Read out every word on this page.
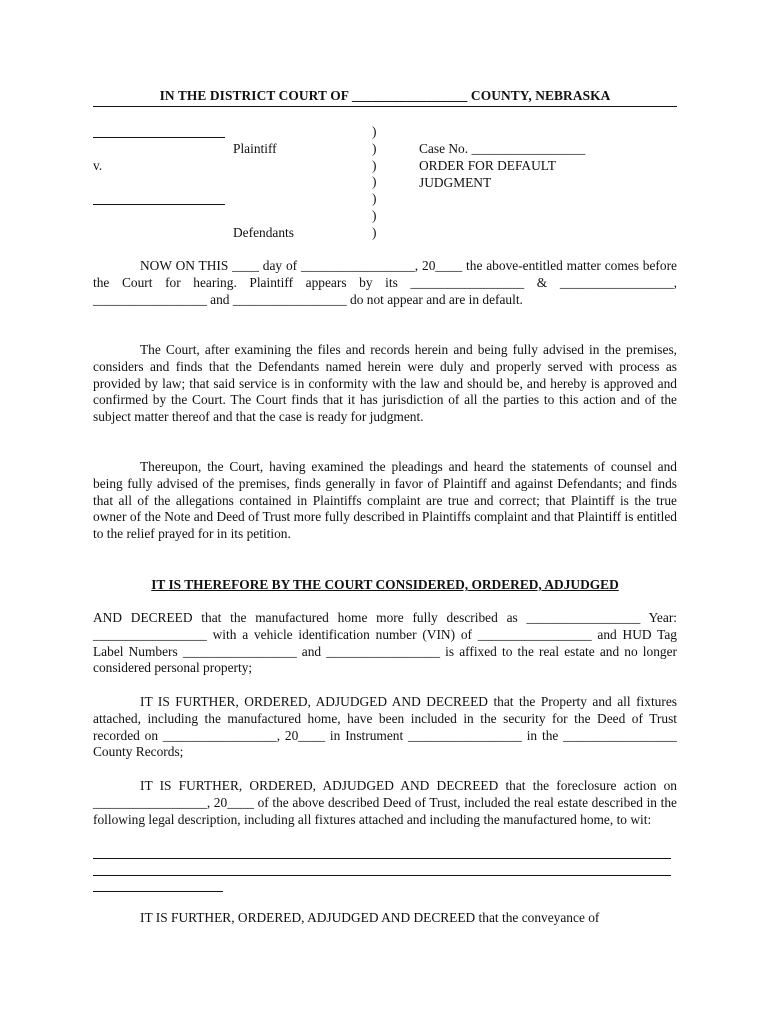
IN THE DISTRICT COURT OF _________________ COUNTY, NEBRASKA
Plaintiff
v.
Defendants
)
)
)
)
)
)
)
Case No. _________________
ORDER FOR DEFAULT
JUDGMENT

NOW ON THIS ____ day of _________________, 20____ the above-entitled matter comes before the Court for hearing. Plaintiff appears by its _________________ & _________________, _________________ and _________________ do not appear and are in default.

The Court, after examining the files and records herein and being fully advised in the premises, considers and finds that the Defendants named herein were duly and properly served with process as provided by law; that said service is in conformity with the law and should be, and hereby is approved and confirmed by the Court. The Court finds that it has jurisdiction of all the parties to this action and of the subject matter thereof and that the case is ready for judgment.

Thereupon, the Court, having examined the pleadings and heard the statements of counsel and being fully advised of the premises, finds generally in favor of Plaintiff and against Defendants; and finds that all of the allegations contained in Plaintiffs complaint are true and correct; that Plaintiff is the true owner of the Note and Deed of Trust more fully described in Plaintiffs complaint and that Plaintiff is entitled to the relief prayed for in its petition.

IT IS THEREFORE BY THE COURT CONSIDERED, ORDERED, ADJUDGED

AND DECREED that the manufactured home more fully described as _________________ Year: _________________ with a vehicle identification number (VIN) of _________________ and HUD Tag Label Numbers _________________ and _________________ is affixed to the real estate and no longer considered personal property;

IT IS FURTHER, ORDERED, ADJUDGED AND DECREED that the Property and all fixtures attached, including the manufactured home, have been included in the security for the Deed of Trust recorded on _________________, 20____ in Instrument _________________ in the _________________ County Records;

IT IS FURTHER, ORDERED, ADJUDGED AND DECREED that the foreclosure action on _________________, 20____ of the above described Deed of Trust, included the real estate described in the following legal description, including all fixtures attached and including the manufactured home, to wit:

IT IS FURTHER, ORDERED, ADJUDGED AND DECREED that the conveyance of
